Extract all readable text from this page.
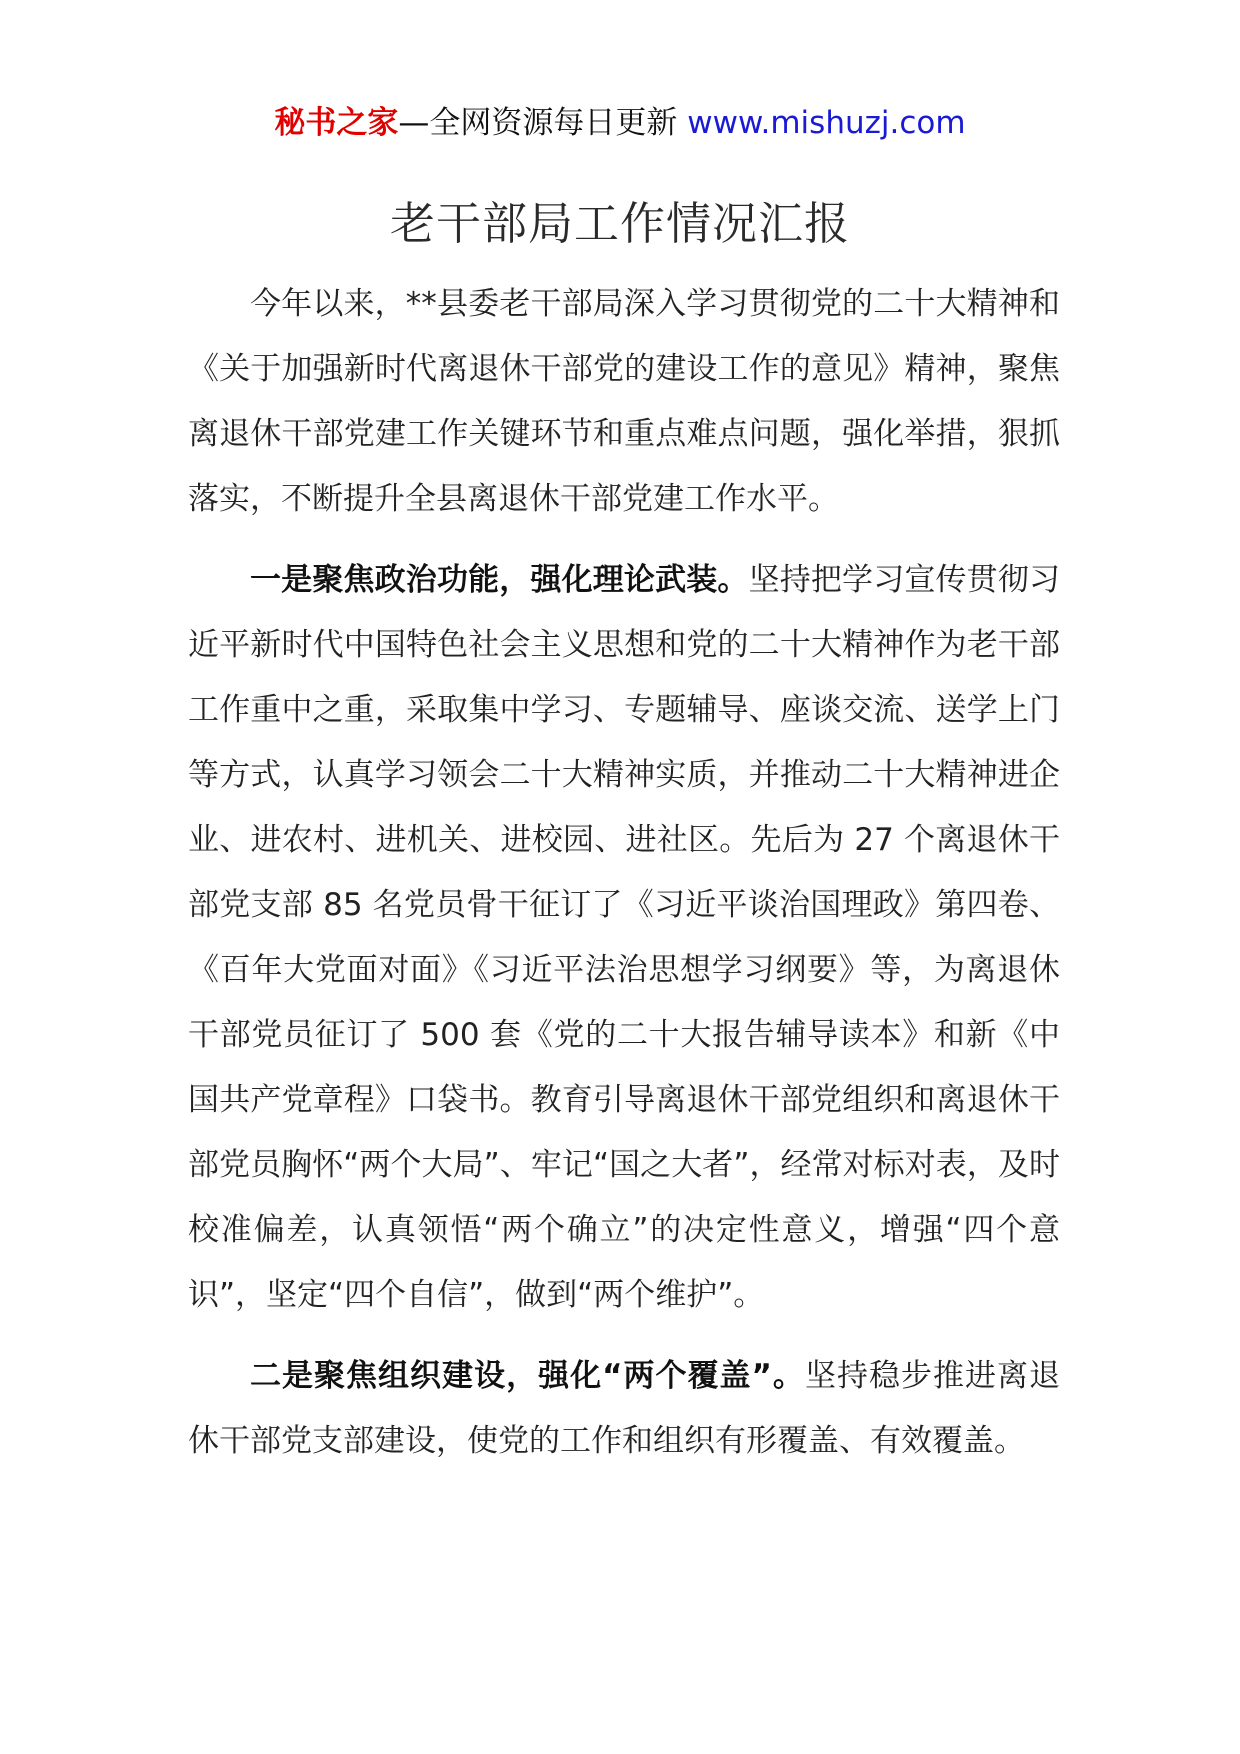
秘书之家—全网资源每日更新 www.mishuzj.com
老干部局工作情况汇报

今年以来，**县委老干部局深入学习贯彻党的二十大精神和《关于加强新时代离退休干部党的建设工作的意见》精神，聚焦离退休干部党建工作关键环节和重点难点问题，强化举措，狠抓落实，不断提升全县离退休干部党建工作水平。

一是聚焦政治功能，强化理论武装。坚持把学习宣传贯彻习近平新时代中国特色社会主义思想和党的二十大精神作为老干部工作重中之重，采取集中学习、专题辅导、座谈交流、送学上门等方式，认真学习领会二十大精神实质，并推动二十大精神进企业、进农村、进机关、进校园、进社区。先后为 27 个离退休干部党支部 85 名党员骨干征订了《习近平谈治国理政》第四卷、《百年大党面对面》《习近平法治思想学习纲要》等，为离退休干部党员征订了 500 套《党的二十大报告辅导读本》和新《中国共产党章程》口袋书。教育引导离退休干部党组织和离退休干部党员胸怀“两个大局”、牢记“国之大者”，经常对标对表，及时校准偏差，认真领悟“两个确立”的决定性意义，增强“四个意识”，坚定“四个自信”，做到“两个维护”。

二是聚焦组织建设，强化“两个覆盖”。坚持稳步推进离退休干部党支部建设，使党的工作和组织有形覆盖、有效覆盖。
